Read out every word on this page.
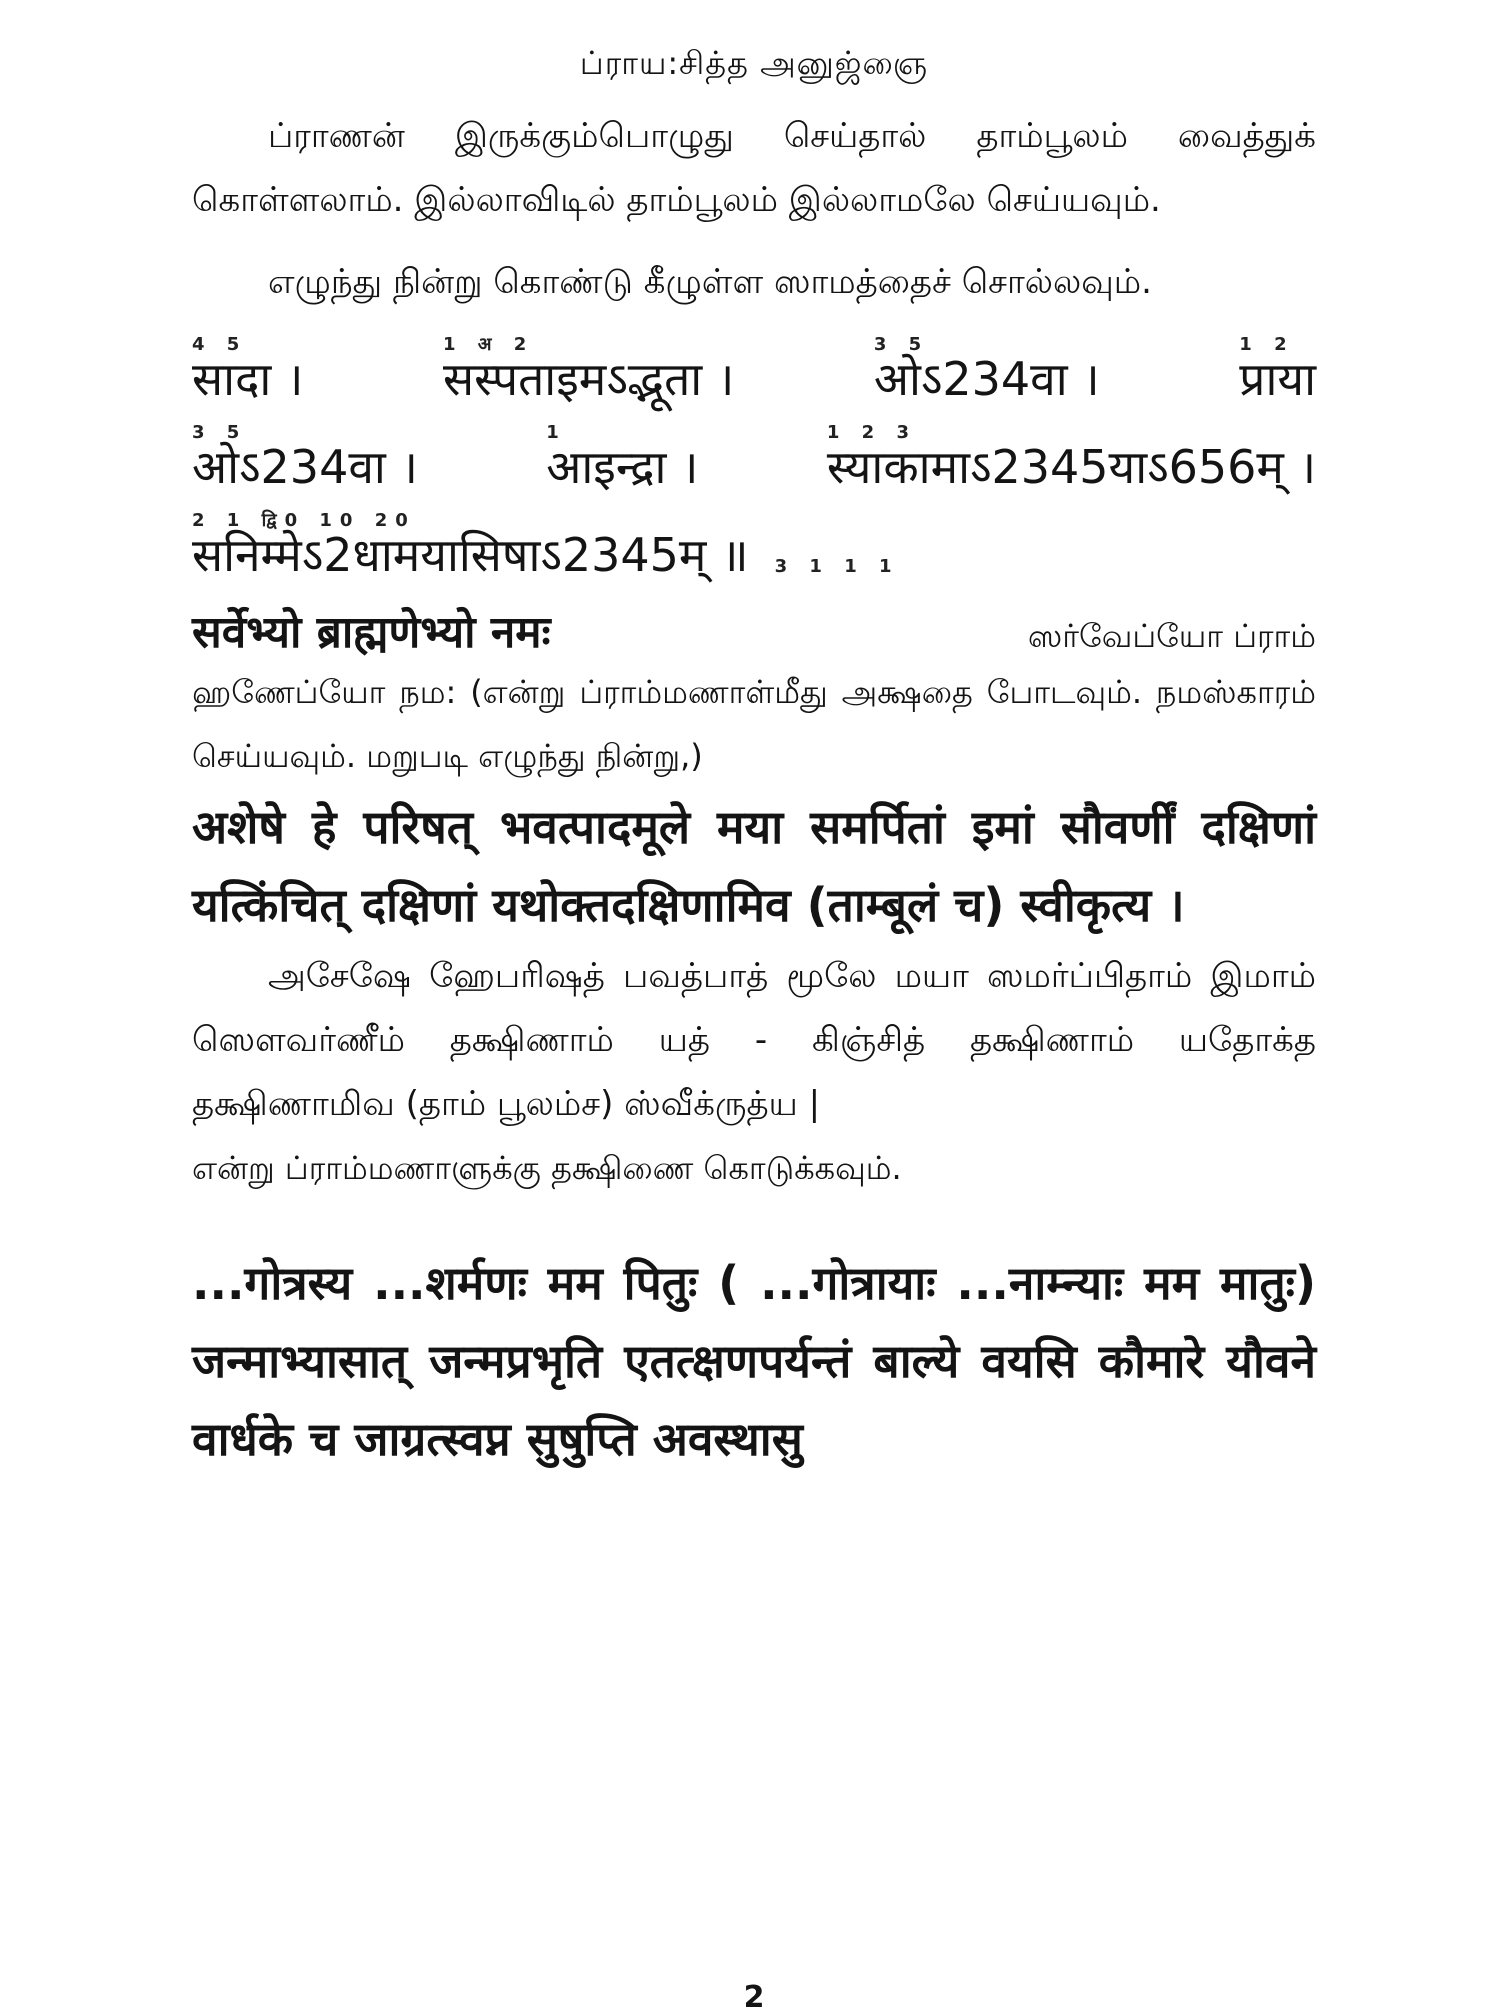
ப்ராய:சித்த அனுஜ்ஞை

ப்ராணன் இருக்கும்பொழுது செய்தால் தாம்பூலம் வைத்துக் கொள்ளலாம். இல்லாவிடில் தாம்பூலம் இல்லாமலே செய்யவும்.

எழுந்து நின்று கொண்டு கீழுள்ள ஸாமத்தைச் சொல்லவும்.

4 5
सादा ।
1 अ 2
सस्पताइमऽद्भूता ।
3 5
ओऽ234वा ।
1 2
प्राया
3 5
ओऽ234वा ।
1
आइन्द्रा ।
1 2 3
स्याकामाऽ2345याऽ656म् ।
2 1 द्वि0 10 20
सनिम्मेऽ2धामयासिषाऽ2345म् ॥ 3 1 1 1
सर्वेभ्यो ब्राह्मणेभ्यो नमः	ஸர்வேப்யோ ப்ராம்

ஹணேப்யோ நம: (என்று ப்ராம்மணாள்மீது அக்ஷதை போடவும். நமஸ்காரம் செய்யவும். மறுபடி எழுந்து நின்று,)

अशेषे हे परिषत् भवत्पादमूले मया समर्पितां इमां सौवर्णीं दक्षिणां यत्किंचित् दक्षिणां यथोक्तदक्षिणामिव (ताम्बूलं च) स्वीकृत्य ।

அசேஷே ஹேபரிஷத் பவத்பாத் மூலே மயா ஸமர்ப்பிதாம் இமாம் ஸௌவர்ணீம் தக்ஷிணாம் யத் - கிஞ்சித் தக்ஷிணாம் யதோக்த தக்ஷிணாமிவ (தாம் பூலம்ச) ஸ்வீக்ருத்ய |

என்று ப்ராம்மணாளுக்கு தக்ஷிணை கொடுக்கவும்.

...गोत्रस्य ...शर्मणः मम पितुः ( ...गोत्रायाः ...नाम्न्याः मम मातुः) जन्माभ्यासात् जन्मप्रभृति एतत्क्षणपर्यन्तं बाल्ये वयसि कौमारे यौवने वार्धके च जाग्रत्स्वप्न सुषुप्ति अवस्थासु

2
